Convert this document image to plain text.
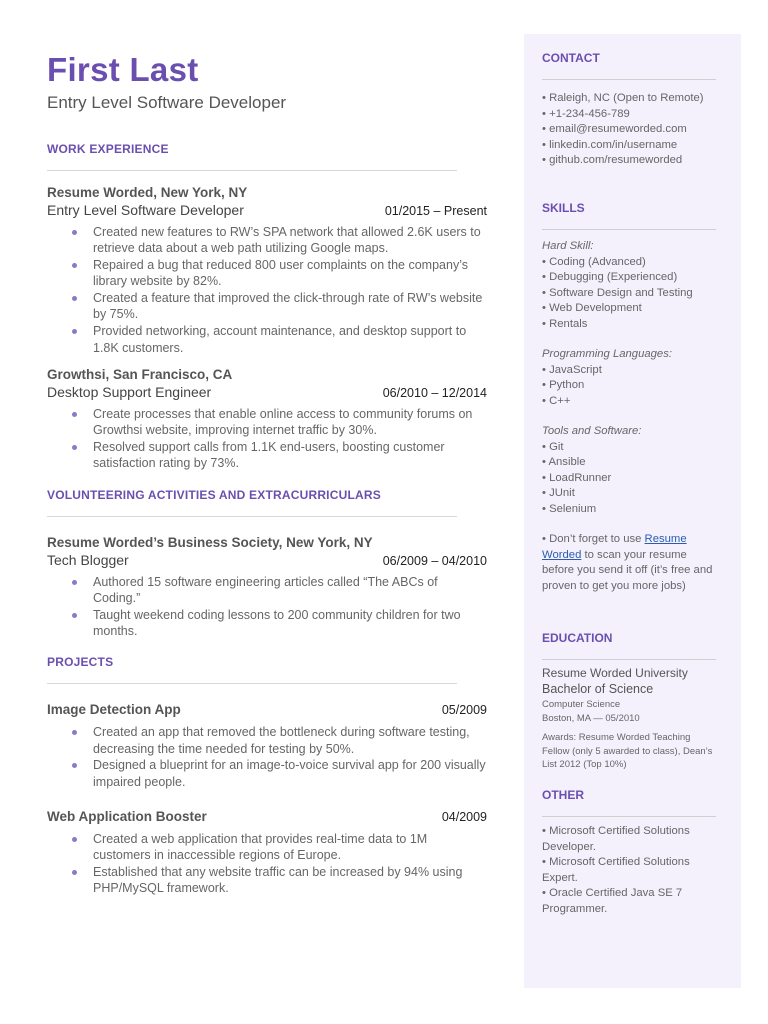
First Last
Entry Level Software Developer
WORK EXPERIENCE
Resume Worded, New York, NY
Entry Level Software Developer	01/2015 – Present
Created new features to RW’s SPA network that allowed 2.6K users to retrieve data about a web path utilizing Google maps.
Repaired a bug that reduced 800 user complaints on the company’s library website by 82%.
Created a feature that improved the click-through rate of RW’s website by 75%.
Provided networking, account maintenance, and desktop support to 1.8K customers.
Growthsi, San Francisco, CA
Desktop Support Engineer	06/2010 – 12/2014
Create processes that enable online access to community forums on Growthsi website, improving internet traffic by 30%.
Resolved support calls from 1.1K end-users, boosting customer satisfaction rating by 73%.
VOLUNTEERING ACTIVITIES AND EXTRACURRICULARS
Resume Worded’s Business Society, New York, NY
Tech Blogger	06/2009 – 04/2010
Authored 15 software engineering articles called “The ABCs of Coding.”
Taught weekend coding lessons to 200 community children for two months.
PROJECTS
Image Detection App	05/2009
Created an app that removed the bottleneck during software testing, decreasing the time needed for testing by 50%.
Designed a blueprint for an image-to-voice survival app for 200 visually impaired people.
Web Application Booster	04/2009
Created a web application that provides real-time data to 1M customers in inaccessible regions of Europe.
Established that any website traffic can be increased by 94% using PHP/MySQL framework.
CONTACT
• Raleigh, NC (Open to Remote)
• +1-234-456-789
• email@resumeworded.com
• linkedin.com/in/username
• github.com/resumeworded
SKILLS
Hard Skill:
• Coding (Advanced)
• Debugging (Experienced)
• Software Design and Testing
• Web Development
• Rentals
Programming Languages:
• JavaScript
• Python
• C++
Tools and Software:
• Git
• Ansible
• LoadRunner
• JUnit
• Selenium
• Don’t forget to use Resume Worded to scan your resume before you send it off (it’s free and proven to get you more jobs)
EDUCATION
Resume Worded University
Bachelor of Science
Computer Science
Boston, MA — 05/2010
Awards: Resume Worded Teaching Fellow (only 5 awarded to class), Dean’s List 2012 (Top 10%)
OTHER
• Microsoft Certified Solutions Developer.
• Microsoft Certified Solutions Expert.
• Oracle Certified Java SE 7 Programmer.
